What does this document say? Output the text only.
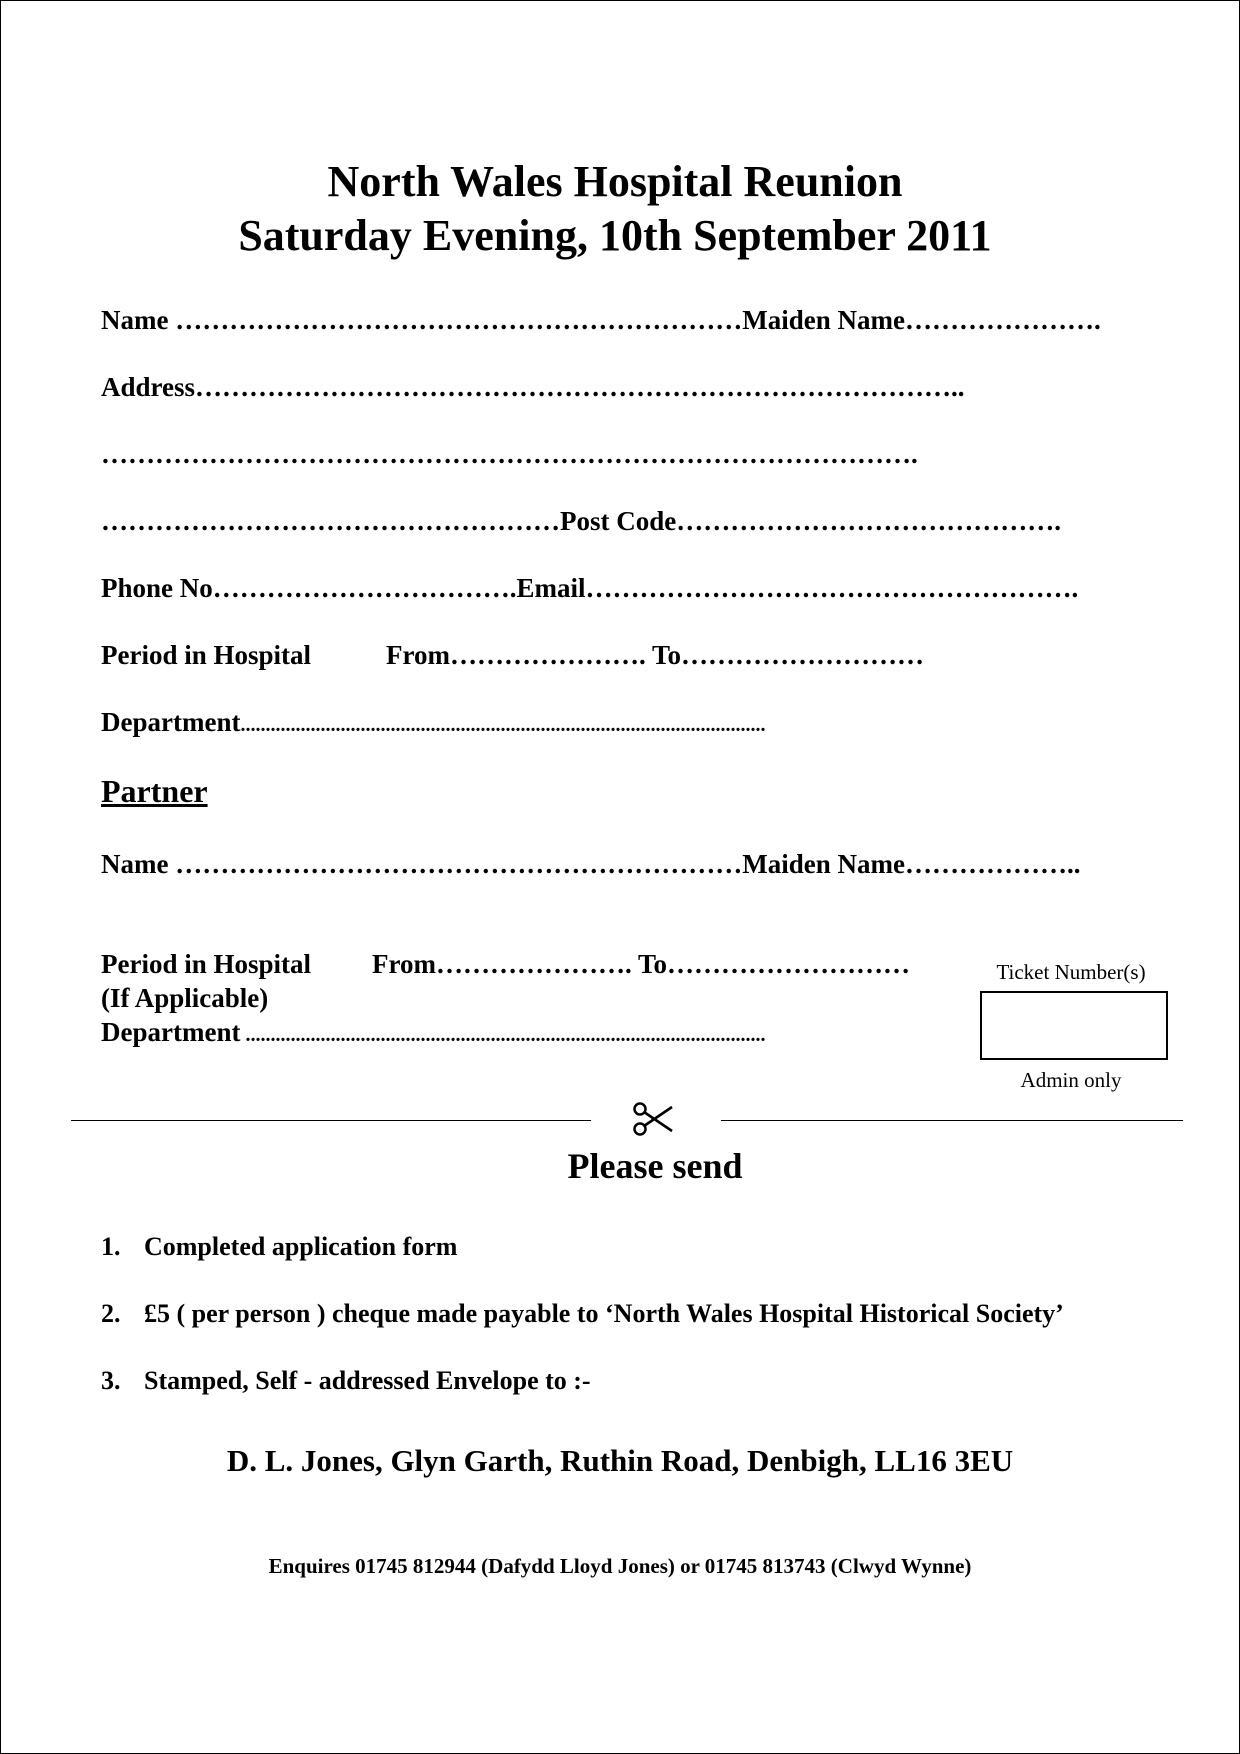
North Wales Hospital Reunion
Saturday Evening, 10th September 2011
Name ………………………………………………………Maiden Name………………….
Address…………………………………………………………………………..
……………………………………………………………………………….
……………………………………………Post Code…………………………………….
Phone No…………………………….Email……………………………………………….
Period in Hospital	From…………………. To………………………
Department.........................................................................................................
Partner
Name ………………………………………………………Maiden Name………………..
Period in Hospital From…………………. To………………………
(If Applicable)
Department ........................................................................................................
Ticket Number(s)
Admin only
Please send
1. Completed application form
2. £5 ( per person ) cheque made payable to ‘North Wales Hospital Historical Society’
3. Stamped, Self - addressed Envelope to :-
D. L. Jones, Glyn Garth, Ruthin Road, Denbigh, LL16 3EU
Enquires 01745 812944 (Dafydd Lloyd Jones) or 01745 813743 (Clwyd Wynne)
